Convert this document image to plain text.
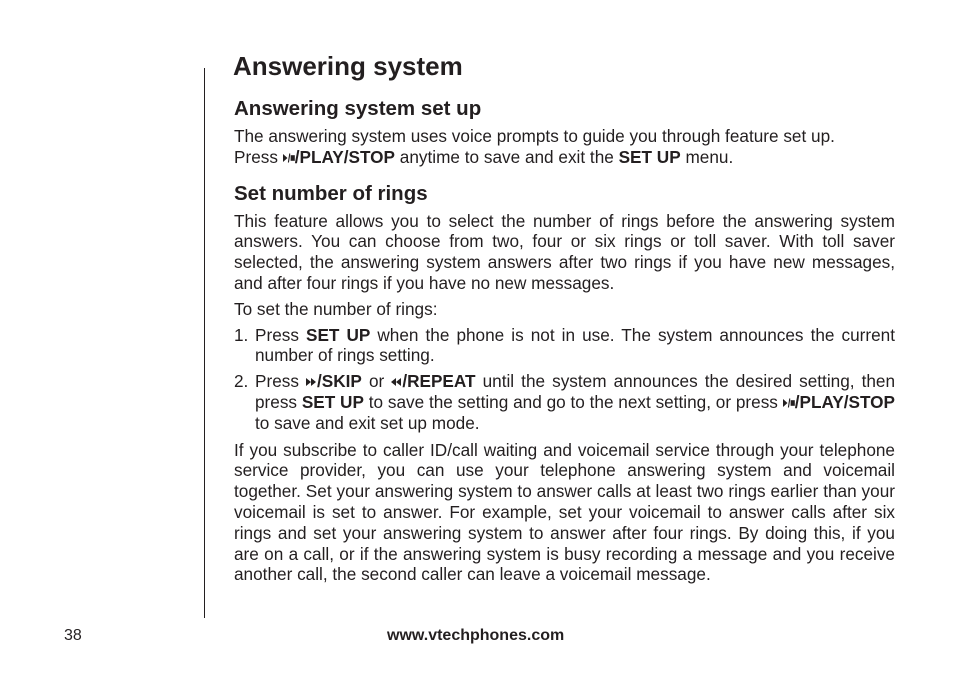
Answering system
Answering system set up

The answering system uses voice prompts to guide you through feature set up.
Press /PLAY/STOP anytime to save and exit the SET UP menu.

Set number of rings

This feature allows you to select the number of rings before the answering system answers. You can choose from two, four or six rings or toll saver. With toll saver selected, the answering system answers after two rings if you have new messages, and after four rings if you have no new messages.

To set the number of rings:

1. Press SET UP when the phone is not in use. The system announces the current number of rings setting.
2. Press /SKIP or /REPEAT until the system announces the desired setting, then press SET UP to save the setting and go to the next setting, or press /PLAY/STOP to save and exit set up mode.

If you subscribe to caller ID/call waiting and voicemail service through your telephone service provider, you can use your telephone answering system and voicemail together. Set your answering system to answer calls at least two rings earlier than your voicemail is set to answer. For example, set your voicemail to answer calls after six rings and set your answering system to answer after four rings. By doing this, if you are on a call, or if the answering system is busy recording a message and you receive another call, the second caller can leave a voicemail message.

38	www.vtechphones.com
